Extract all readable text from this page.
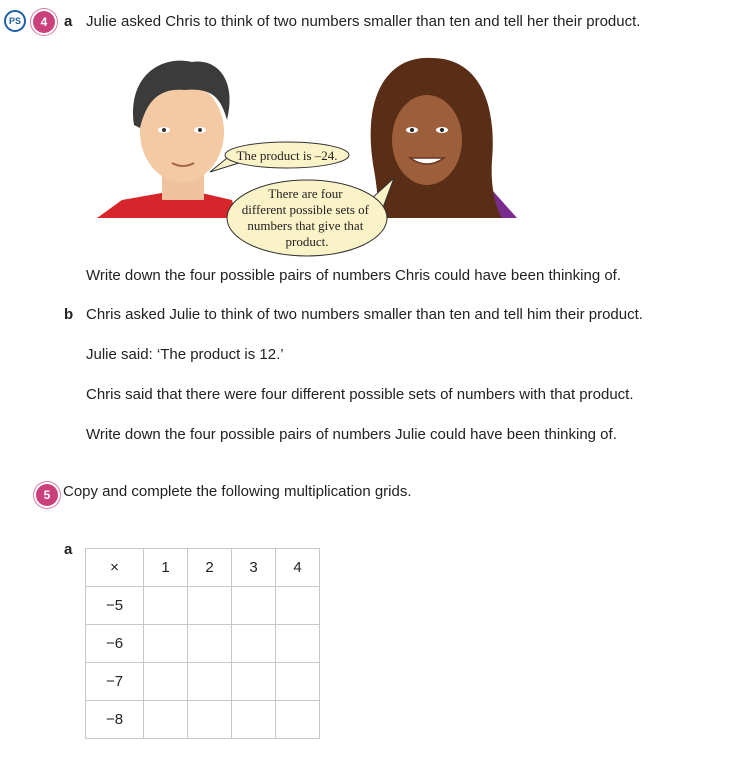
PS	4	a Julie asked Chris to think of two numbers smaller than ten and tell her their product.
The product is –24.
There are four different possible sets of numbers that give that product.
Write down the four possible pairs of numbers Chris could have been thinking of.
b Chris asked Julie to think of two numbers smaller than ten and tell him their product.
Julie said: ‘The product is 12.’
Chris said that there were four different possible sets of numbers with that product.
Write down the four possible pairs of numbers Julie could have been thinking of.
5 Copy and complete the following multiplication grids.
a
×	1	2	3	4
−5				
−6				
−7				
−8				
